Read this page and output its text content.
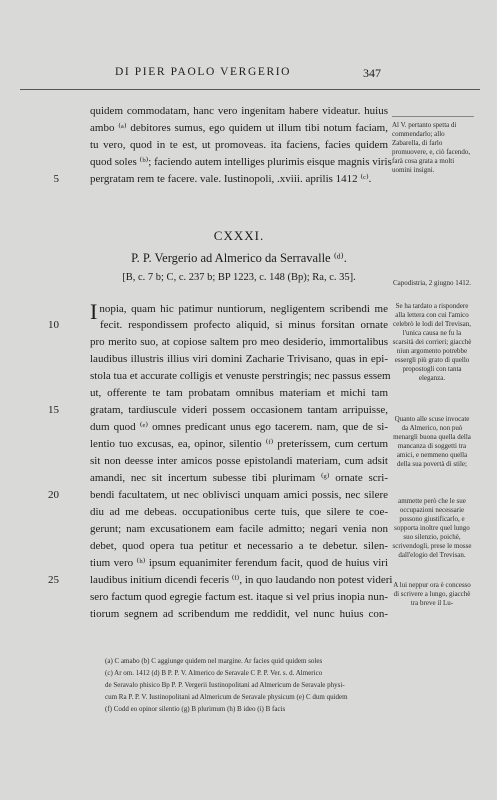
DI PIER PAOLO VERGERIO	347
quidem commodatam, hanc vero ingenitam habere videatur. huius
ambo ⁽ᵃ⁾ debitores sumus, ego quidem ut illum tibi notum faciam,
tu vero, quod in te est, ut promoveas. ita faciens, facies quidem
quod soles ⁽ᵇ⁾; faciendo autem intelliges plurimis eisque magnis viris
pergratam rem te facere. vale. Iustinopoli, .xviii. aprilis 1412 ⁽ᶜ⁾.
5
CXXXI.
P. P. Vergerio ad Almerico da Serravalle ⁽ᵈ⁾.
[B, c. 7 b; C, c. 237 b; BP 1223, c. 148 (Bp); Ra, c. 35].
Inopia, quam hic patimur nuntiorum, negligentem scribendi me
fecit. respondissem profecto aliquid, si minus forsitan ornate
pro merito suo, at copiose saltem pro meo desiderio, immortalibus
laudibus illustris illius viri domini Zacharie Trivisano, quas in epi-
stola tua et accurate colligis et venuste perstringis; nec passus essem
ut, offerente te tam probatam omnibus materiam et michi tam
gratam, tardiuscule videri possem occasionem tantam arripuisse,
dum quod ⁽ᵉ⁾ omnes predicant unus ego tacerem. nam, que de si-
lentio tuo excusas, ea, opinor, silentio ⁽ᶠ⁾ preteríssem, cum certum
sit non deesse inter amicos posse epistolandi materiam, cum adsit
amandi, nec sit incertum subesse tibi plurimam ⁽ᵍ⁾ ornate scri-
bendi facultatem, ut nec oblivisci unquam amici possis, nec silere
diu ad me debeas. occupationibus certe tuis, que silere te coe-
gerunt; nam excusationem eam facile admitto; negari venia non
debet, quod opera tua petitur et necessario a te debetur. silen-
tium vero ⁽ʰ⁾ ipsum equanimiter ferendum facit, quod de huius viri
laudibus initium dicendi feceris ⁽ⁱ⁾, in quo laudando non potest videri
sero factum quod egregie factum est. itaque si vel prius inopia nun-
tiorum segnem ad scribendum me reddidit, vel nunc huius con-
10
15
20
25
Al V. pertanto spetta di commendarlo; allo Zabarella, di farlo promuovere, e, ciò facendo, farà cosa grata a molti uomini insigni.
Capodistria, 2 giugno 1412.
Se ha tardato a rispondere alla lettera con cui l'amico celebrò le lodi del Trevisan, l'unica causa ne fu la scarsità dei corrieri; giacchè niun argomento potrebbe essergli più grato di quello propostogli con tanta eleganza.
Quanto alle scuse invocate da Almerico, non può menargli buona quella della mancanza di soggetti tra amici, e nemmeno quella della sua povertà di stile;
ammette però che le sue occupazioni necessarie possono giustificarlo, e sopporta inoltre quel lungo suo silenzio, poichè, scrivendogli, prese le mosse dall'elogio del Trevisan.
A lui neppur ora è concesso di scrivere a lungo, giacchè tra breve il Lu-
(a) C amabo (b) C aggiunge quidem nel margine. Ar facies quid quidem soles
(c) Ar om. 1412 (d) B P. P. V. Almerico de Seravale C P. P. Ver. s. d. Almerico
de Seravalo phisico Bp P. P. Vergerii Iustinopolitani ad Almericum de Seravale physi-
cum Ra P. P. V. Iustinopolitani ad Almericum de Seravale physicum (e) C dum quidem
(f) Codd eo opinor silentio (g) B plurimum (h) B ideo (i) B facis
